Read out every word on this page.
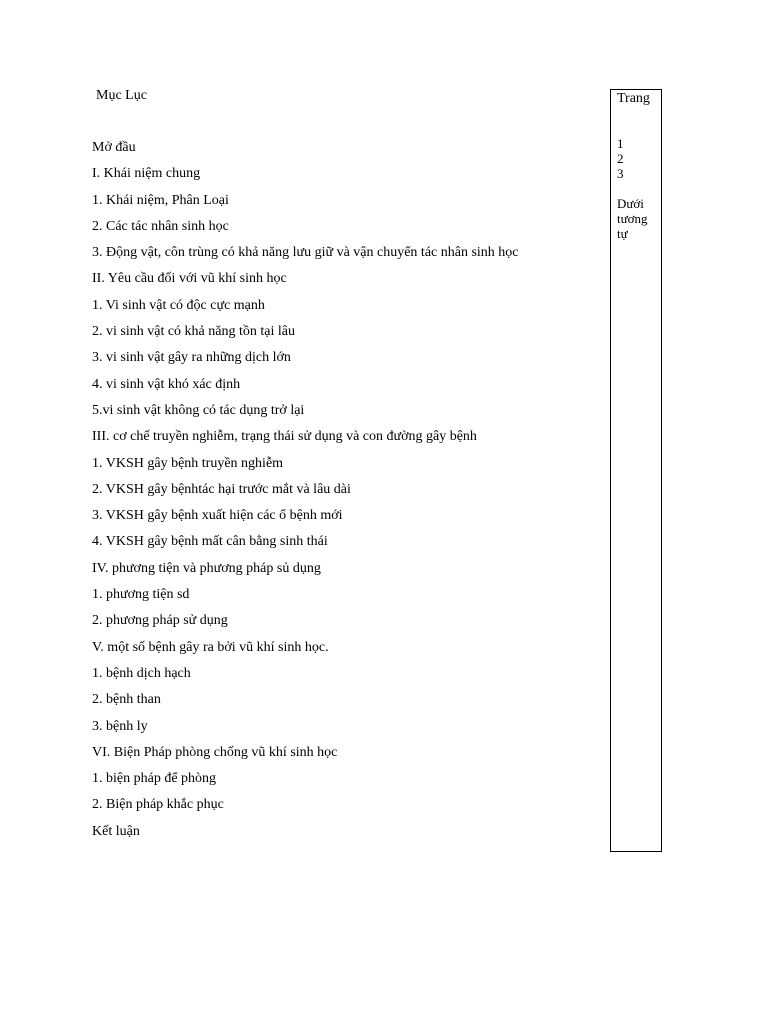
Mục Lục
Mở đầu
I. Khái niệm chung
1. Khái niệm, Phân Loại
2. Các tác nhân sinh học
3. Động vật, côn trùng có khả năng lưu giữ và vận chuyển tác nhân sinh học
II. Yêu cầu đối với vũ khí sinh học
1. Vi sinh vật có độc cực mạnh
2. vi sinh vật có khả năng tồn tại lâu
3. vi sinh vật gây ra những dịch lớn
4. vi sinh vật khó xác định
5.vi sinh vật không có tác dụng trở lại
III. cơ chế truyền nghiễm, trạng thái sử dụng và con đường gây bệnh
1. VKSH gây bệnh truyền nghiễm
2. VKSH gây bệnhtác hại trước mắt và lâu dài
3. VKSH gây bệnh xuất hiện các ổ bệnh mới
4. VKSH gây bệnh mất cân bằng sinh thái
IV. phương tiện và phương pháp sủ dụng
1. phương tiện sd
2. phương pháp sử dụng
V. một số bệnh gây ra bởi vũ khí sinh học.
1. bệnh dịch hạch
2. bệnh than
3. bệnh ly
VI. Biện Pháp phòng chống vũ khí sinh học
1. biện pháp để phòng
2. Biện pháp khắc phục
Kết luận
Trang
1
2
3
Dưới tương tự
